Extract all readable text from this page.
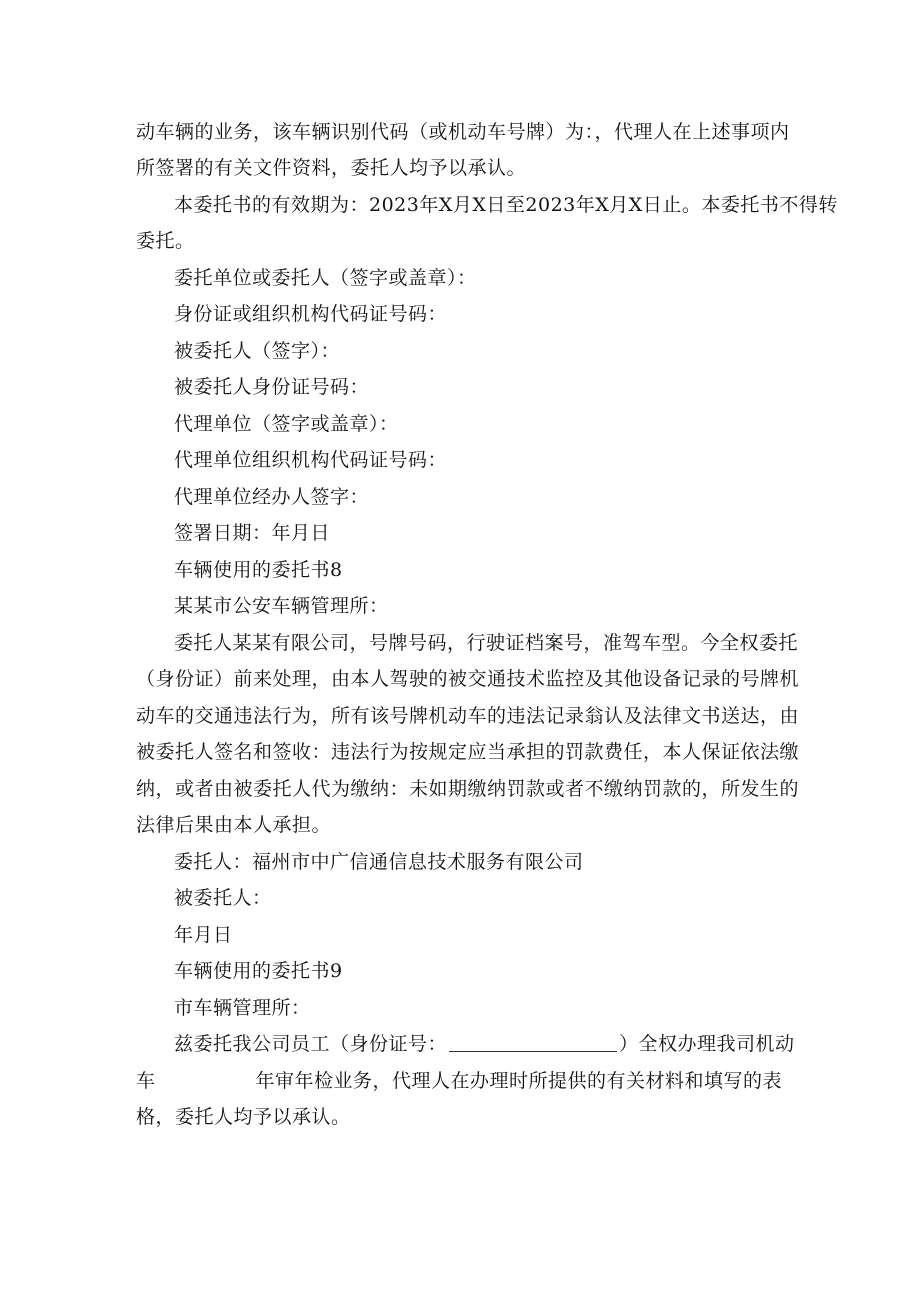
动车辆的业务，该车辆识别代码（或机动车号牌）为：，代理人在上述事项内
所签署的有关文件资料，委托人均予以承认。
本委托书的有效期为：2023年X月X日至2023年X月X日止。本委托书不得转
委托。
委托单位或委托人（签字或盖章）：
身份证或组织机构代码证号码：
被委托人（签字）：
被委托人身份证号码：
代理单位（签字或盖章）：
代理单位组织机构代码证号码：
代理单位经办人签字：
签署日期：年月日
车辆使用的委托书8
某某市公安车辆管理所：
委托人某某有限公司，号牌号码，行驶证档案号，准驾车型。今全权委托
（身份证）前来处理，由本人驾驶的被交通技术监控及其他设备记录的号牌机
动车的交通违法行为，所有该号牌机动车的违法记录翁认及法律文书送达，由
被委托人签名和签收：违法行为按规定应当承担的罚款费任，本人保证依法缴
纳，或者由被委托人代为缴纳：未如期缴纳罚款或者不缴纳罚款的，所发生的
法律后果由本人承担。
委托人：福州市中广信通信息技术服务有限公司
被委托人：
年月日
车辆使用的委托书9
市车辆管理所：
兹委托我公司员工（身份证号：	）全权办理我司机动
车	年审年检业务，代理人在办理时所提供的有关材料和填写的表
格，委托人均予以承认。
